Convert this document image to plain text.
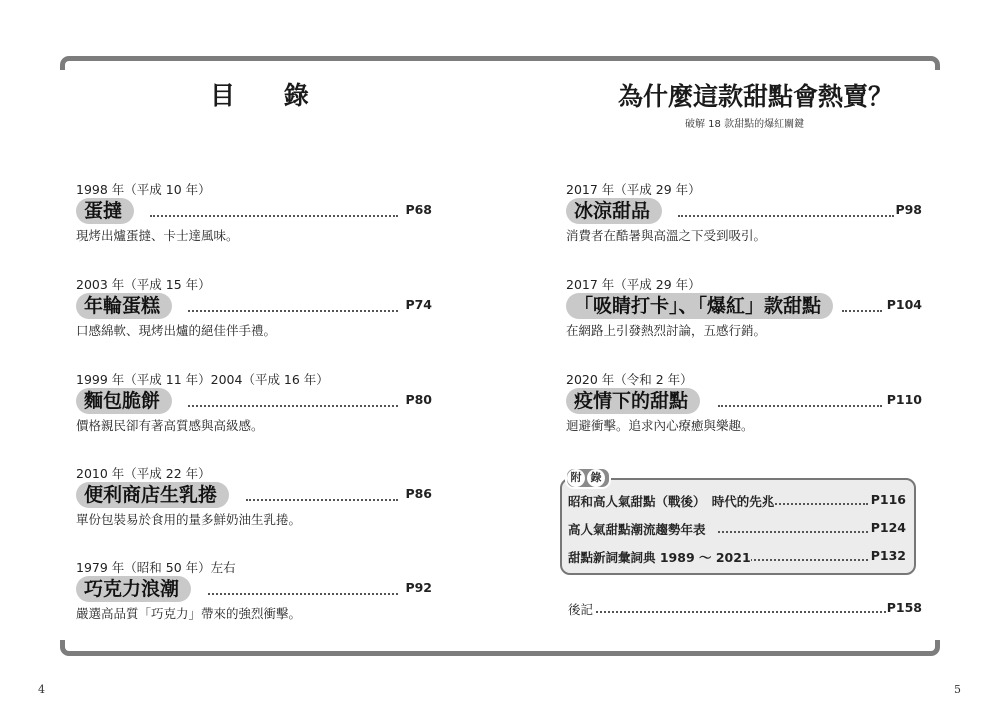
目 錄	為什麼這款甜點會熱賣？
破解 18 款甜點的爆紅關鍵
1998 年（平成 10 年）
蛋撻	P68
現烤出爐蛋撻、卡士達風味。
2003 年（平成 15 年）
年輪蛋糕	P74
口感綿軟、現烤出爐的絕佳伴手禮。
1999 年（平成 11 年）2004（平成 16 年）
麵包脆餅	P80
價格親民卻有著高質感與高級感。
2010 年（平成 22 年）
便利商店生乳捲	P86
單份包裝易於食用的量多鮮奶油生乳捲。
1979 年（昭和 50 年）左右
巧克力浪潮	P92
嚴選高品質「巧克力」帶來的強烈衝擊。
2017 年（平成 29 年）
冰涼甜品	P98
消費者在酷暑與高溫之下受到吸引。
2017 年（平成 29 年）
「吸睛打卡」、「爆紅」款甜點	P104
在網路上引發熱烈討論，五感行銷。
2020 年（令和 2 年）
疫情下的甜點	P110
迴避衝擊。追求內心療癒與樂趣。
附 錄
昭和高人氣甜點（戰後）　時代的先兆	P116
高人氣甜點潮流趨勢年表	P124
甜點新詞彙詞典 1989 ～ 2021	P132
後記	P158
4	5
